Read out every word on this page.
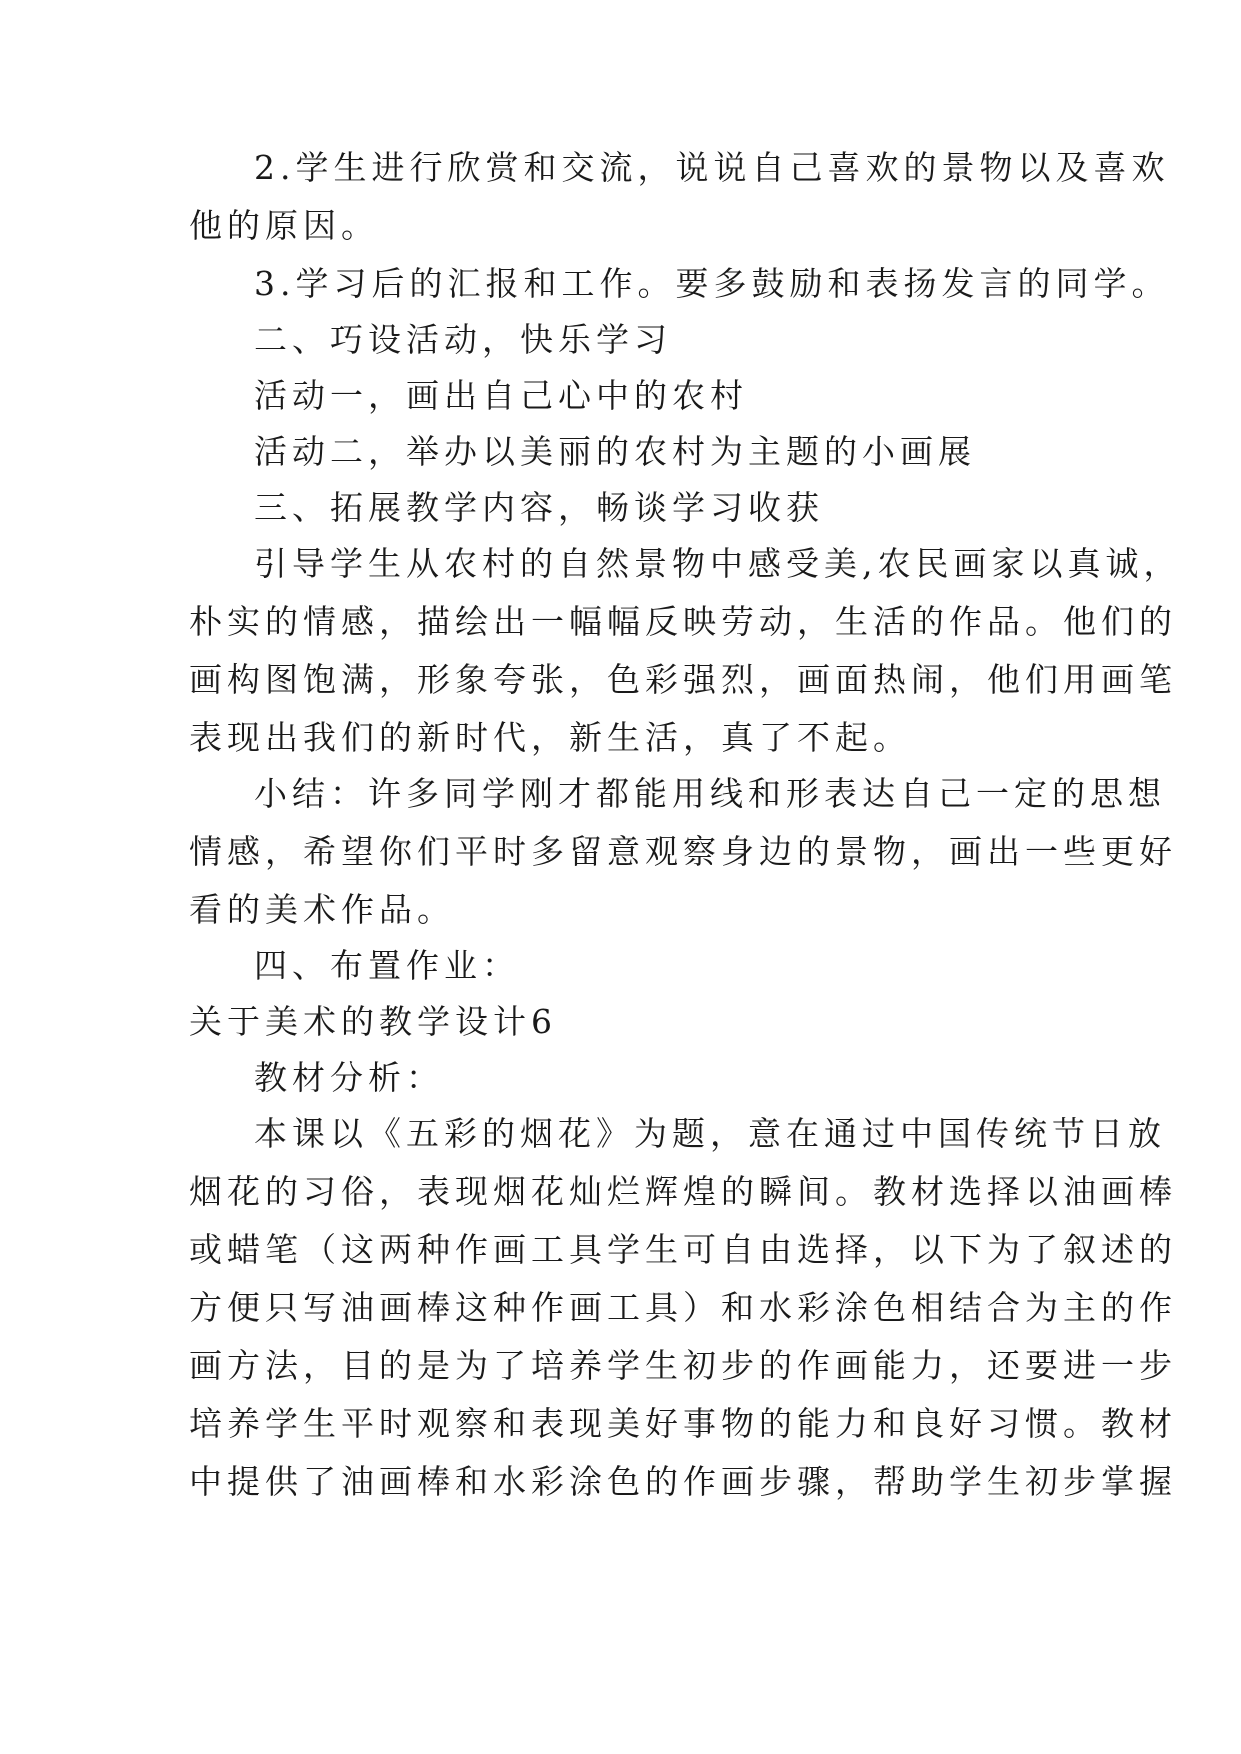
2.学生进行欣赏和交流，说说自己喜欢的景物以及喜欢

他的原因。

3.学习后的汇报和工作。要多鼓励和表扬发言的同学。

二、巧设活动，快乐学习

活动一，画出自己心中的农村

活动二，举办以美丽的农村为主题的小画展

三、拓展教学内容，畅谈学习收获

引导学生从农村的自然景物中感受美,农民画家以真诚，

朴实的情感，描绘出一幅幅反映劳动，生活的作品。他们的

画构图饱满，形象夸张，色彩强烈，画面热闹，他们用画笔

表现出我们的新时代，新生活，真了不起。

小结：许多同学刚才都能用线和形表达自己一定的思想

情感，希望你们平时多留意观察身边的景物，画出一些更好

看的美术作品。

四、布置作业：

关于美术的教学设计6

教材分析：

本课以《五彩的烟花》为题，意在通过中国传统节日放

烟花的习俗，表现烟花灿烂辉煌的瞬间。教材选择以油画棒

或蜡笔（这两种作画工具学生可自由选择，以下为了叙述的

方便只写油画棒这种作画工具）和水彩涂色相结合为主的作

画方法，目的是为了培养学生初步的作画能力，还要进一步

培养学生平时观察和表现美好事物的能力和良好习惯。教材

中提供了油画棒和水彩涂色的作画步骤，帮助学生初步掌握
